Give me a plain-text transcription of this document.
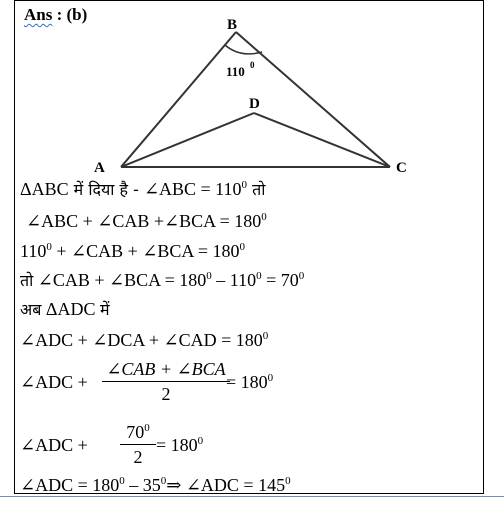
Ans : (b)
B
D
A	C
110 0
ΔABC में दिया है - ∠ABC = $110^0$ तो
∠ABC + ∠CAB +∠BCA = $180^0$
$110^0$ + ∠CAB + ∠BCA = $180^0$
तो ∠CAB + ∠BCA = $180^0 - 110^0 = 70^0$
अब ΔADC में
∠ADC + ∠DCA + ∠CAD = $180^0$
∠ADC +
∠CAB + ∠BCA
2
= $180^0$
∠ADC +
$70^0$
2
= $180^0$
∠ADC = $180^0$ – $35^0\Rightarrow$ ∠ADC = $145^0$
